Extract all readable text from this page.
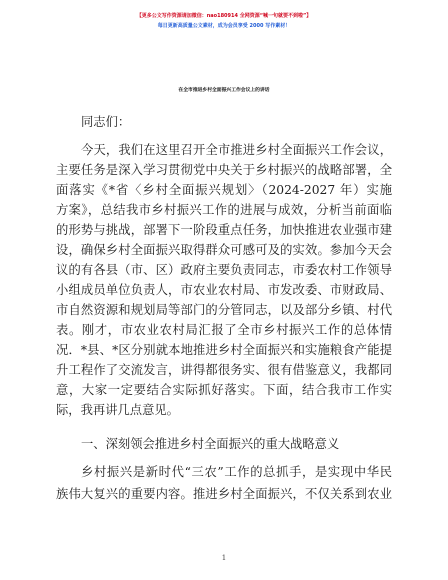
【更多公文写作资源请加微信：nao180914 全网资源“喊一句就要不到啦”】
每日更新高质量公文素材，成为会员享受 2000 写作素材！
在全市推进乡村全面振兴工作会议上的讲话
同志们：
今天，我们在这里召开全市推进乡村全面振兴工作会议，
主要任务是深入学习贯彻党中央关于乡村振兴的战略部署，全
面落实《*省〈乡村全面振兴规划〉（2024-2027 年）实施
方案》，总结我市乡村振兴工作的进展与成效，分析当前面临
的形势与挑战，部署下一阶段重点任务，加快推进农业强市建
设，确保乡村全面振兴取得群众可感可及的实效。参加今天会
议的有各县（市、区）政府主要负责同志，市委农村工作领导
小组成员单位负责人，市农业农村局、市发改委、市财政局、
市自然资源和规划局等部门的分管同志，以及部分乡镇、村代
表。刚才，市农业农村局汇报了全市乡村振兴工作的总体情
况．*县、*区分别就本地推进乡村全面振兴和实施粮食产能提
升工程作了交流发言，讲得都很务实、很有借鉴意义，我都同
意，大家一定要结合实际抓好落实。下面，结合我市工作实
际，我再讲几点意见。
一、深刻领会推进乡村全面振兴的重大战略意义
乡村振兴是新时代“三农”工作的总抓手，是实现中华民
族伟大复兴的重要内容。推进乡村全面振兴，不仅关系到农业
1
